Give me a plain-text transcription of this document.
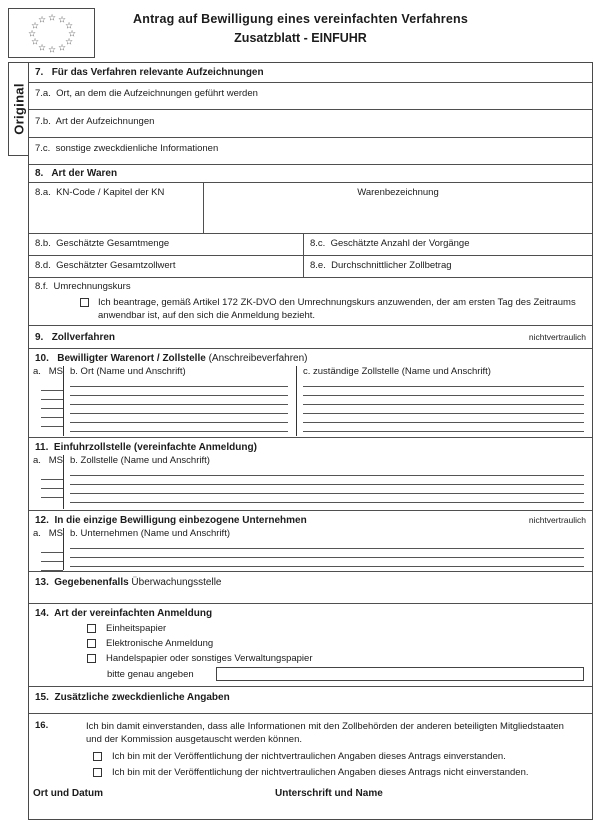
☆ ☆
☆
☆
☆
☆
☆
☆
☆
☆
☆
☆	Antrag auf Bewilligung eines vereinfachten Verfahrens
Zusatzblatt - EINFUHR
Original
7. Für das Verfahren relevante Aufzeichnungen
7.a. Ort, an dem die Aufzeichnungen geführt werden
7.b. Art der Aufzeichnungen
7.c. sonstige zweckdienliche Informationen
8. Art der Waren
8.a. KN-Code / Kapitel der KN	Warenbezeichnung
8.b. Geschätzte Gesamtmenge	8.c. Geschätzte Anzahl der Vorgänge
8.d. Geschätzter Gesamtzollwert	8.e. Durchschnittlicher Zollbetrag
8.f. Umrechnungskurs
Ich beantrage, gemäß Artikel 172 ZK-DVO den Umrechnungskurs anzuwenden, der am ersten Tag des Zeitraums anwendbar ist, auf den sich die Anmeldung bezieht.
9. Zollverfahren	nichtvertraulich
10. Bewilligter Warenort / Zollstelle (Anschreibeverfahren)
a. MS b. Ort (Name und Anschrift)	c. zuständige Zollstelle (Name und Anschrift)
11. Einfuhrzollstelle (vereinfachte Anmeldung)
a. MS b. Zollstelle (Name und Anschrift)
12. In die einzige Bewilligung einbezogene Unternehmen	nichtvertraulich
a. MS b. Unternehmen (Name und Anschrift)
13. Gegebenenfalls Überwachungsstelle
14. Art der vereinfachten Anmeldung
Einheitspapier
Elektronische Anmeldung
Handelspapier oder sonstiges Verwaltungspapier
bitte genau angeben
15. Zusätzliche zweckdienliche Angaben
16.	Ich bin damit einverstanden, dass alle Informationen mit den Zollbehörden der anderen beteiligten Mitgliedstaaten und der Kommission ausgetauscht werden können.
Ich bin mit der Veröffentlichung der nichtvertraulichen Angaben dieses Antrags einverstanden.
Ich bin mit der Veröffentlichung der nichtvertraulichen Angaben dieses Antrags nicht einverstanden.
Ort und Datum	Unterschrift und Name
